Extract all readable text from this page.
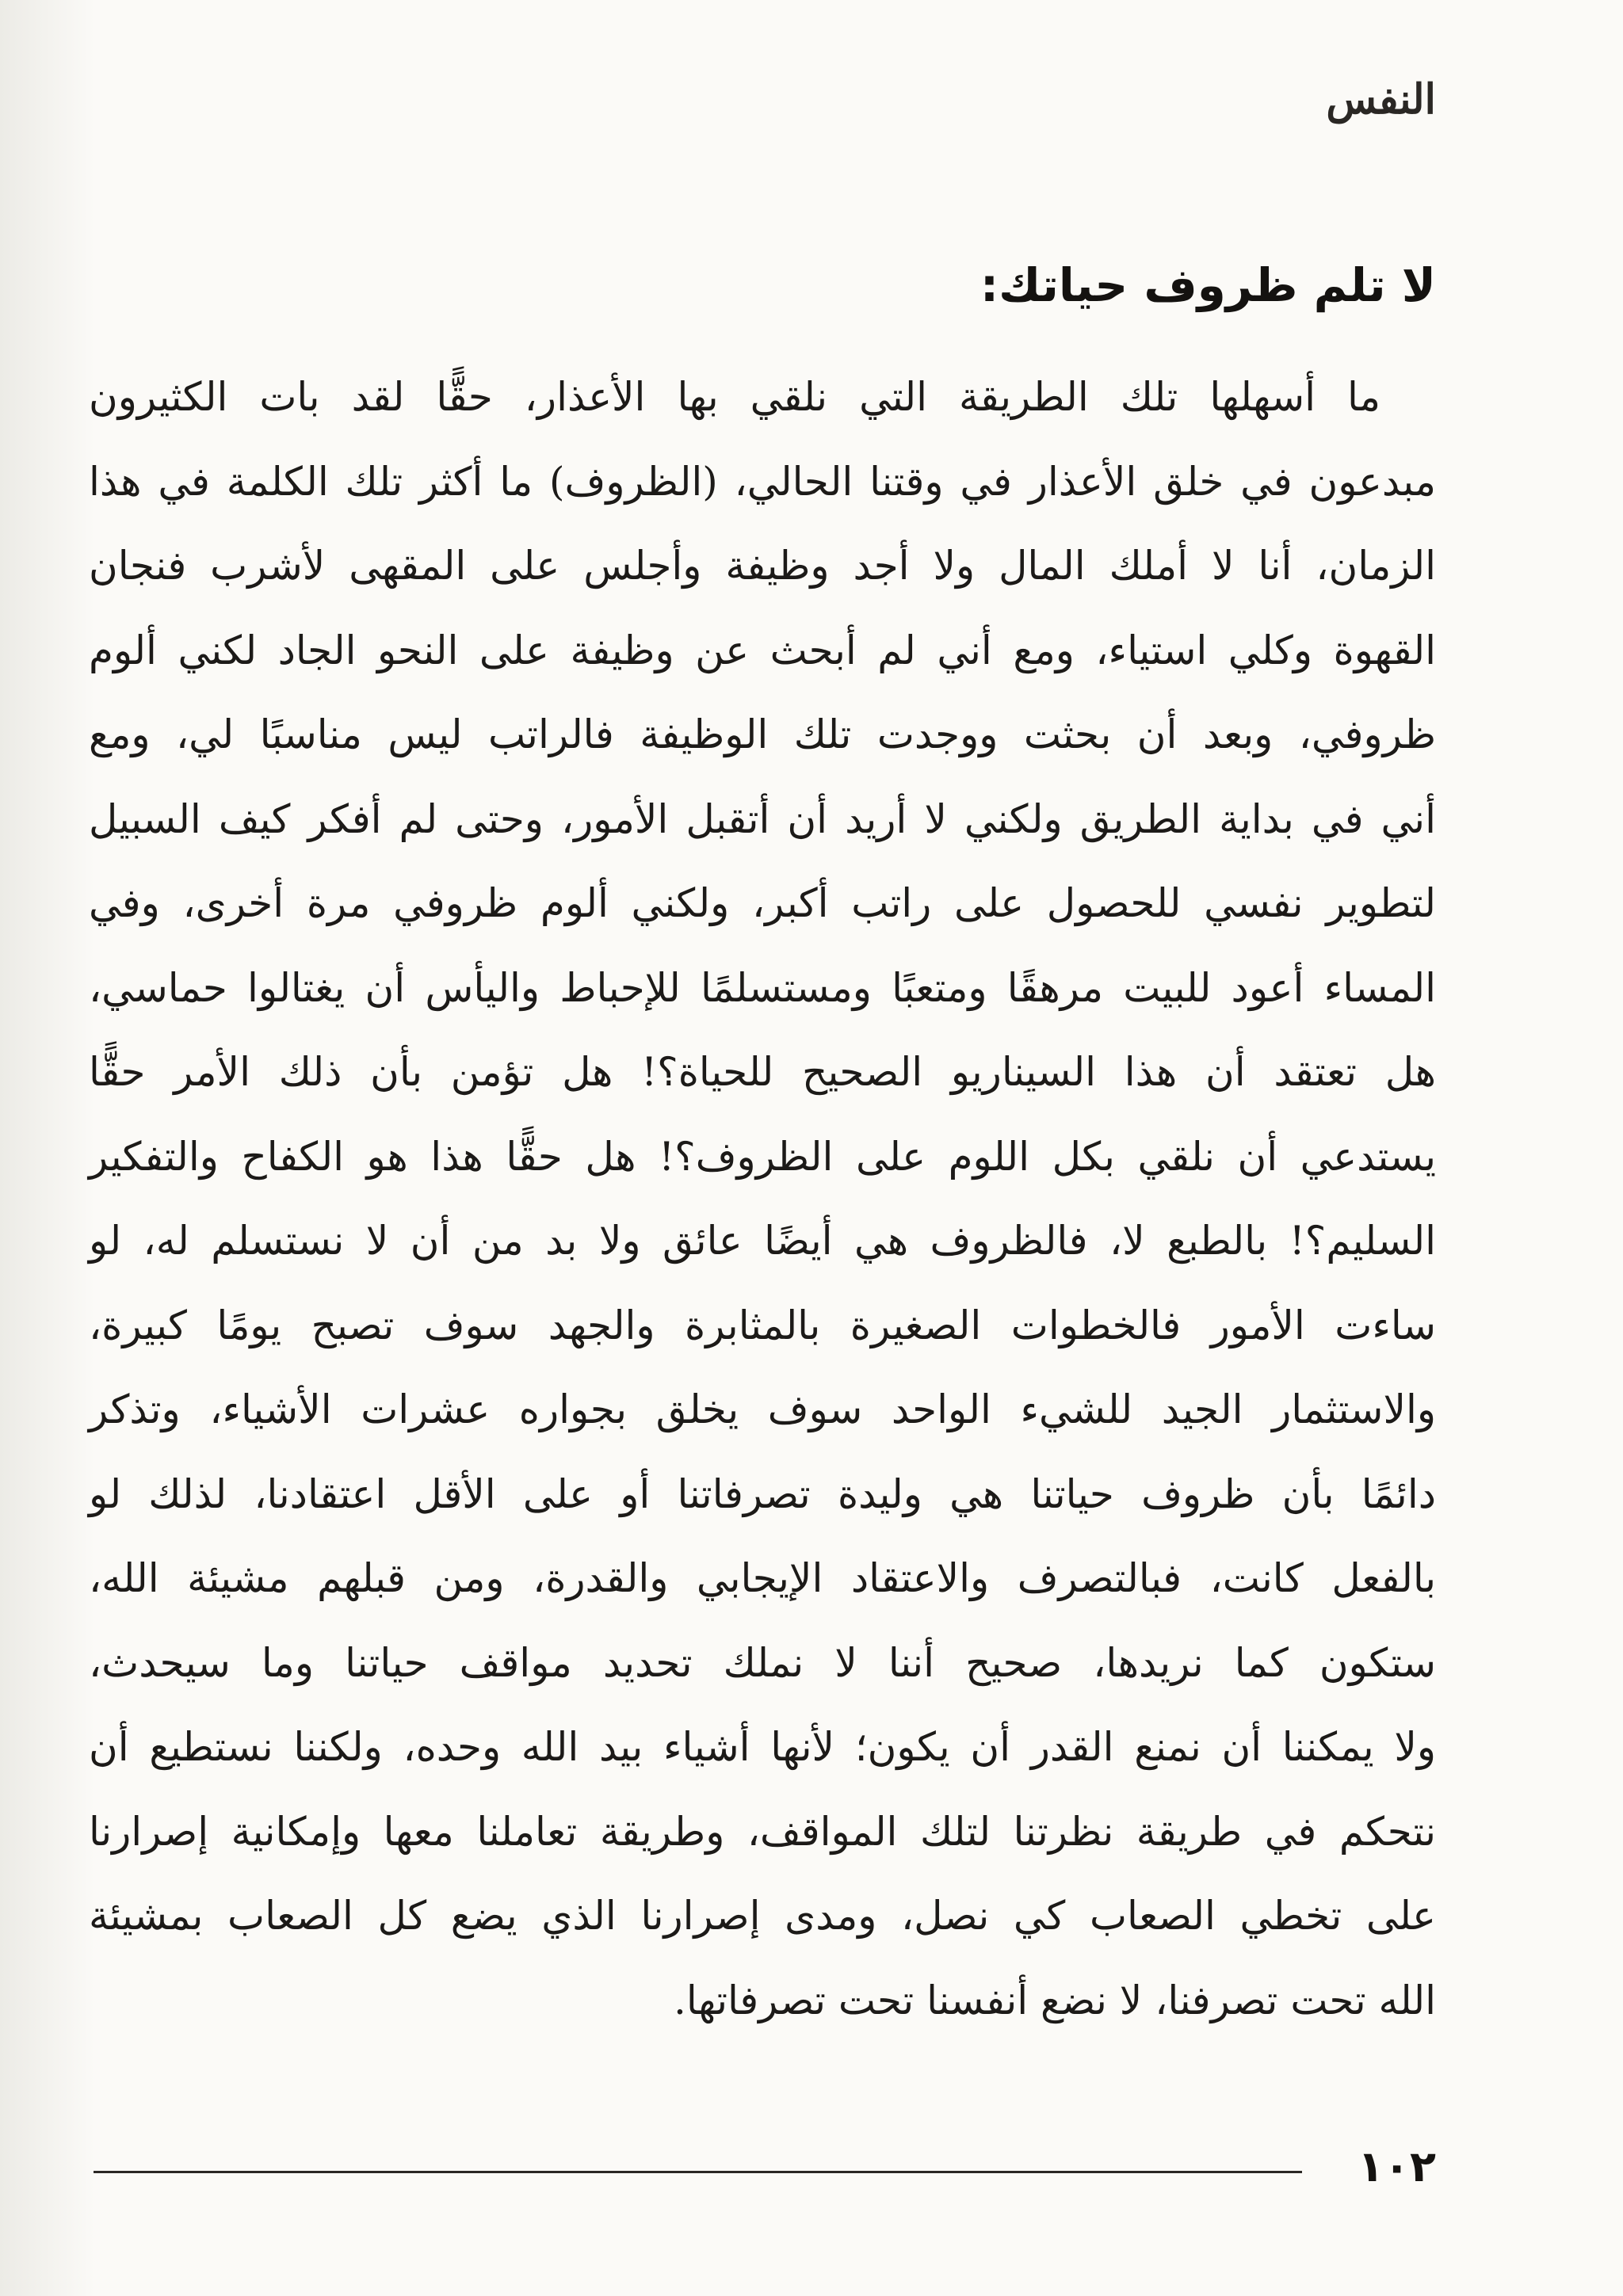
النفس
لا تلم ظروف حياتك:
ما أسهلها تلك الطريقة التي نلقي بها الأعذار، حقًّا لقد بات الكثيرون
مبدعون في خلق الأعذار في وقتنا الحالي، (الظروف) ما أكثر تلك الكلمة في هذا
الزمان، أنا لا أملك المال ولا أجد وظيفة وأجلس على المقهى لأشرب فنجان
القهوة وكلي استياء، ومع أني لم أبحث عن وظيفة على النحو الجاد لكني ألوم
ظروفي، وبعد أن بحثت ووجدت تلك الوظيفة فالراتب ليس مناسبًا لي، ومع
أني في بداية الطريق ولكني لا أريد أن أتقبل الأمور، وحتى لم أفكر كيف السبيل
لتطوير نفسي للحصول على راتب أكبر، ولكني ألوم ظروفي مرة أخرى، وفي
المساء أعود للبيت مرهقًا ومتعبًا ومستسلمًا للإحباط واليأس أن يغتالوا حماسي،
هل تعتقد أن هذا السيناريو الصحيح للحياة؟! هل تؤمن بأن ذلك الأمر حقًّا
يستدعي أن نلقي بكل اللوم على الظروف؟! هل حقًّا هذا هو الكفاح والتفكير
السليم؟! بالطبع لا، فالظروف هي أيضًا عائق ولا بد من أن لا نستسلم له، لو
ساءت الأمور فالخطوات الصغيرة بالمثابرة والجهد سوف تصبح يومًا كبيرة،
والاستثمار الجيد للشيء الواحد سوف يخلق بجواره عشرات الأشياء، وتذكر
دائمًا بأن ظروف حياتنا هي وليدة تصرفاتنا أو على الأقل اعتقادنا، لذلك لو
بالفعل كانت، فبالتصرف والاعتقاد الإيجابي والقدرة، ومن قبلهم مشيئة الله،
ستكون كما نريدها، صحيح أننا لا نملك تحديد مواقف حياتنا وما سيحدث،
ولا يمكننا أن نمنع القدر أن يكون؛ لأنها أشياء بيد الله وحده، ولكننا نستطيع أن
نتحكم في طريقة نظرتنا لتلك المواقف، وطريقة تعاملنا معها وإمكانية إصرارنا
على تخطي الصعاب كي نصل، ومدى إصرارنا الذي يضع كل الصعاب بمشيئة
الله تحت تصرفنا، لا نضع أنفسنا تحت تصرفاتها.
١٠٢
